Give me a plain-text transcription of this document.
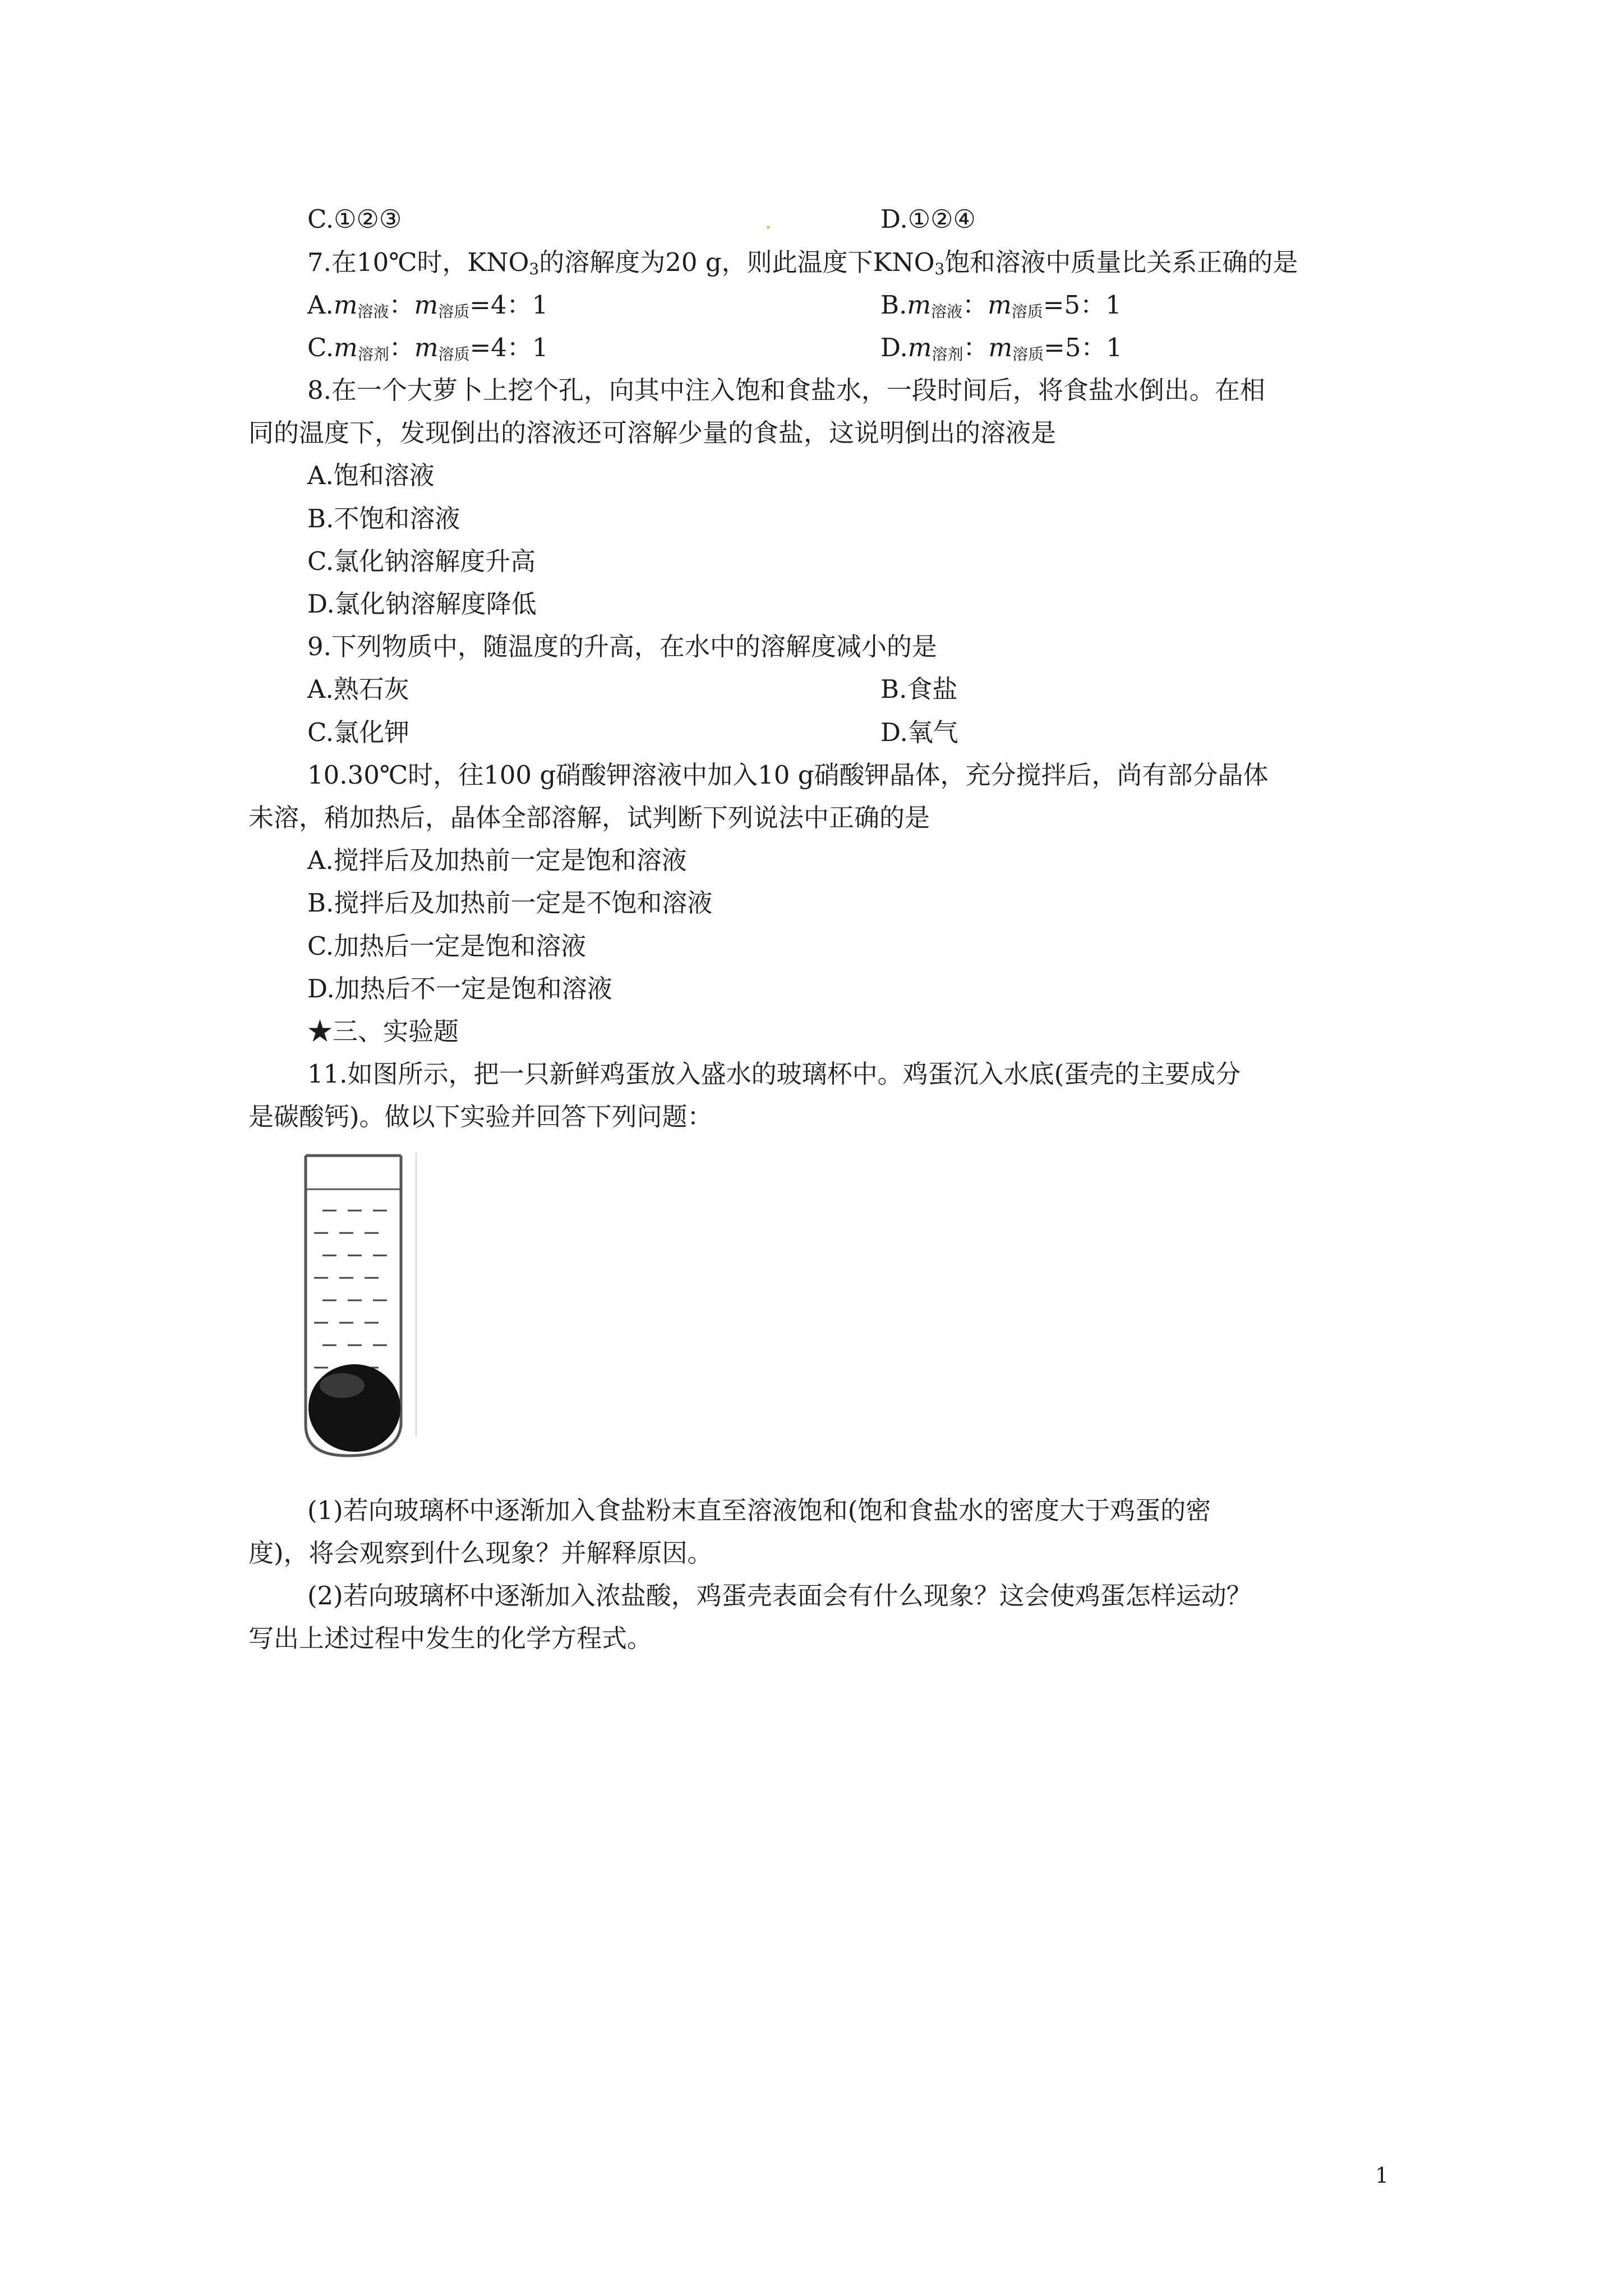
C.①②③	D.①②④
7.在10℃时，$KNO_3$的溶解度为20 g，则此温度下$KNO_3$饱和溶液中质量比关系正确的是
$A.m_{溶液}$：$m_{溶质}=4$：1	$B.m_{溶液}$：$m_{溶质}=5$：1
$C.m_{溶剂}$：$m_{溶质}=4$：1	$D.m_{溶剂}$：$m_{溶质}=5$：1
8.在一个大萝卜上挖个孔，向其中注入饱和食盐水，一段时间后，将食盐水倒出。在相
同的温度下，发现倒出的溶液还可溶解少量的食盐，这说明倒出的溶液是
A.饱和溶液
B.不饱和溶液
C.氯化钠溶解度升高
D.氯化钠溶解度降低
9.下列物质中，随温度的升高，在水中的溶解度减小的是
A.熟石灰	B.食盐
C.氯化钾	D.氧气
10.30℃时，往100 g硝酸钾溶液中加入10 g硝酸钾晶体，充分搅拌后，尚有部分晶体
未溶，稍加热后，晶体全部溶解，试判断下列说法中正确的是
A.搅拌后及加热前一定是饱和溶液
B.搅拌后及加热前一定是不饱和溶液
C.加热后一定是饱和溶液
D.加热后不一定是饱和溶液
★三、实验题
11.如图所示，把一只新鲜鸡蛋放入盛水的玻璃杯中。鸡蛋沉入水底(蛋壳的主要成分
是碳酸钙)。做以下实验并回答下列问题：
(1)若向玻璃杯中逐渐加入食盐粉末直至溶液饱和(饱和食盐水的密度大于鸡蛋的密
度)，将会观察到什么现象？并解释原因。
(2)若向玻璃杯中逐渐加入浓盐酸，鸡蛋壳表面会有什么现象？这会使鸡蛋怎样运动？
写出上述过程中发生的化学方程式。
1
